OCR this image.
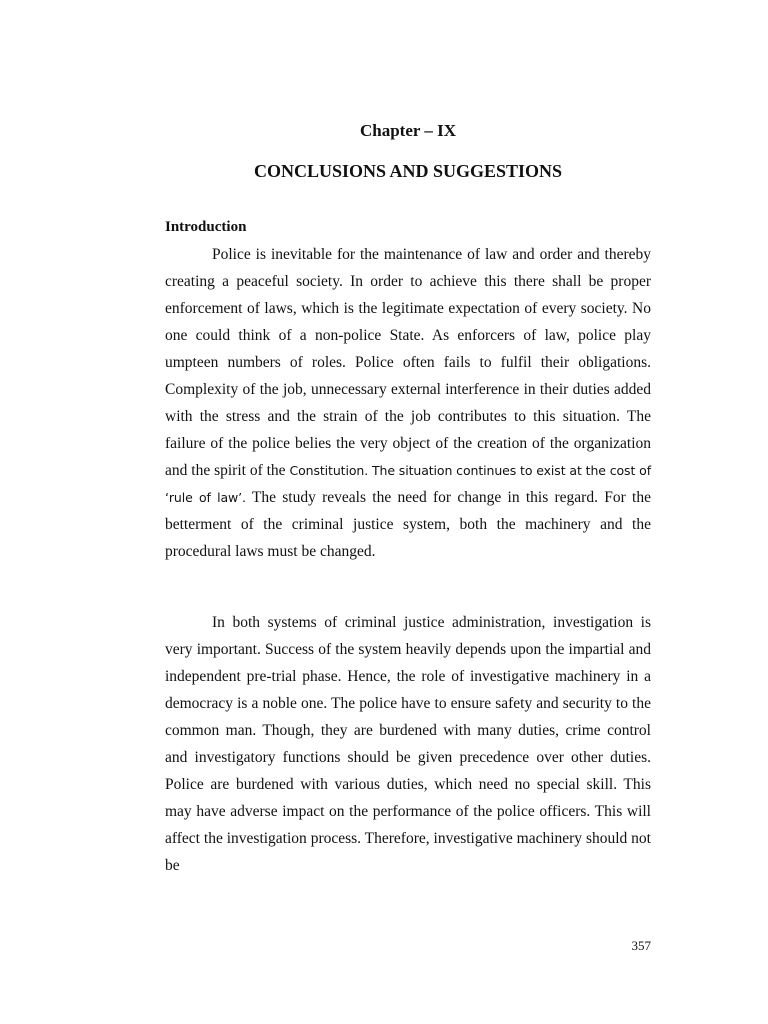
Chapter – IX
CONCLUSIONS AND SUGGESTIONS
Introduction

Police is inevitable for the maintenance of law and order and thereby creating a peaceful society. In order to achieve this there shall be proper enforcement of laws, which is the legitimate expectation of every society. No one could think of a non-police State. As enforcers of law, police play umpteen numbers of roles. Police often fails to fulfil their obligations. Complexity of the job, unnecessary external interference in their duties added with the stress and the strain of the job contributes to this situation. The failure of the police belies the very object of the creation of the organization and the spirit of the Constitution. The situation continues to exist at the cost of ‘rule of law’. The study reveals the need for change in this regard. For the betterment of the criminal justice system, both the machinery and the procedural laws must be changed.

In both systems of criminal justice administration, investigation is very important. Success of the system heavily depends upon the impartial and independent pre-trial phase. Hence, the role of investigative machinery in a democracy is a noble one. The police have to ensure safety and security to the common man. Though, they are burdened with many duties, crime control and investigatory functions should be given precedence over other duties. Police are burdened with various duties, which need no special skill. This may have adverse impact on the performance of the police officers. This will affect the investigation process. Therefore, investigative machinery should not be

357
